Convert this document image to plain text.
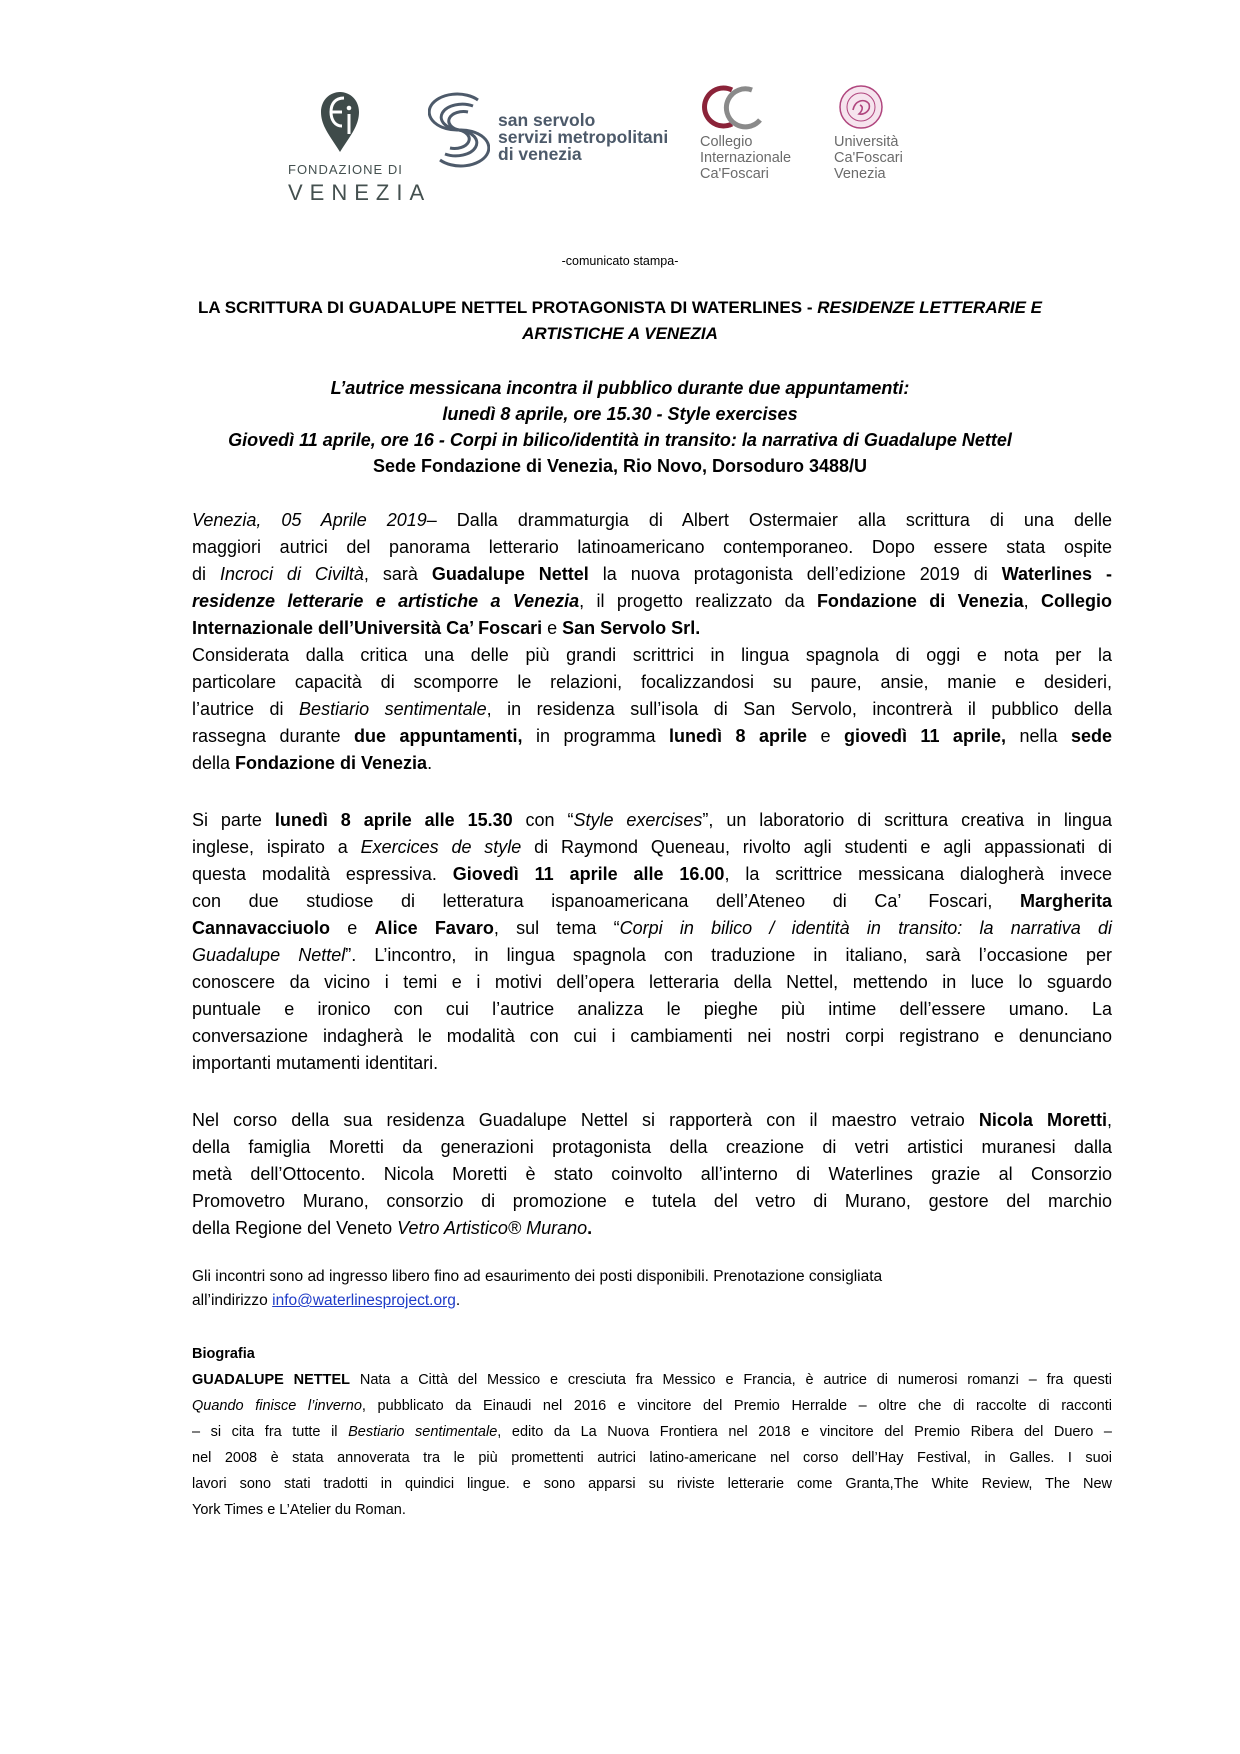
FONDAZIONE DI
VENEZIA
san servolo
servizi metropolitani
di venezia
Collegio
Internazionale
Ca'Foscari
Università
Ca'Foscari
Venezia
-comunicato stampa-
LA SCRITTURA DI GUADALUPE NETTEL PROTAGONISTA DI WATERLINES - RESIDENZE LETTERARIE E
ARTISTICHE A VENEZIA
L’autrice messicana incontra il pubblico durante due appuntamenti:
lunedì 8 aprile, ore 15.30 - Style exercises
Giovedì 11 aprile, ore 16 - Corpi in bilico/identità in transito: la narrativa di Guadalupe Nettel
Sede Fondazione di Venezia, Rio Novo, Dorsoduro 3488/U
Venezia, 05 Aprile 2019– Dalla drammaturgia di Albert Ostermaier alla scrittura di una delle
maggiori autrici del panorama letterario latinoamericano contemporaneo. Dopo essere stata ospite
di Incroci di Civiltà, sarà Guadalupe Nettel la nuova protagonista dell’edizione 2019 di Waterlines -
residenze letterarie e artistiche a Venezia, il progetto realizzato da Fondazione di Venezia, Collegio
Internazionale dell’Università Ca’ Foscari e San Servolo Srl.
Considerata dalla critica una delle più grandi scrittrici in lingua spagnola di oggi e nota per la
particolare capacità di scomporre le relazioni, focalizzandosi su paure, ansie, manie e desideri,
l’autrice di Bestiario sentimentale, in residenza sull’isola di San Servolo, incontrerà il pubblico della
rassegna durante due appuntamenti, in programma lunedì 8 aprile e giovedì 11 aprile, nella sede
della Fondazione di Venezia.
Si parte lunedì 8 aprile alle 15.30 con “Style exercises”, un laboratorio di scrittura creativa in lingua
inglese, ispirato a Exercices de style di Raymond Queneau, rivolto agli studenti e agli appassionati di
questa modalità espressiva. Giovedì 11 aprile alle 16.00, la scrittrice messicana dialogherà invece
con due studiose di letteratura ispanoamericana dell’Ateneo di Ca’ Foscari, Margherita
Cannavacciuolo e Alice Favaro, sul tema “Corpi in bilico / identità in transito: la narrativa di
Guadalupe Nettel”. L’incontro, in lingua spagnola con traduzione in italiano, sarà l’occasione per
conoscere da vicino i temi e i motivi dell’opera letteraria della Nettel, mettendo in luce lo sguardo
puntuale e ironico con cui l’autrice analizza le pieghe più intime dell’essere umano. La
conversazione indagherà le modalità con cui i cambiamenti nei nostri corpi registrano e denunciano
importanti mutamenti identitari.
Nel corso della sua residenza Guadalupe Nettel si rapporterà con il maestro vetraio Nicola Moretti,
della famiglia Moretti da generazioni protagonista della creazione di vetri artistici muranesi dalla
metà dell’Ottocento. Nicola Moretti è stato coinvolto all’interno di Waterlines grazie al Consorzio
Promovetro Murano, consorzio di promozione e tutela del vetro di Murano, gestore del marchio
della Regione del Veneto Vetro Artistico® Murano.
Gli incontri sono ad ingresso libero fino ad esaurimento dei posti disponibili. Prenotazione consigliata
all’indirizzo info@waterlinesproject.org.
Biografia
GUADALUPE NETTEL Nata a Città del Messico e cresciuta fra Messico e Francia, è autrice di numerosi romanzi – fra questi
Quando finisce l’inverno, pubblicato da Einaudi nel 2016 e vincitore del Premio Herralde – oltre che di raccolte di racconti
– si cita fra tutte il Bestiario sentimentale, edito da La Nuova Frontiera nel 2018 e vincitore del Premio Ribera del Duero –
nel 2008 è stata annoverata tra le più promettenti autrici latino-americane nel corso dell’Hay Festival, in Galles. I suoi
lavori sono stati tradotti in quindici lingue. e sono apparsi su riviste letterarie come Granta,The White Review, The New
York Times e L’Atelier du Roman.
